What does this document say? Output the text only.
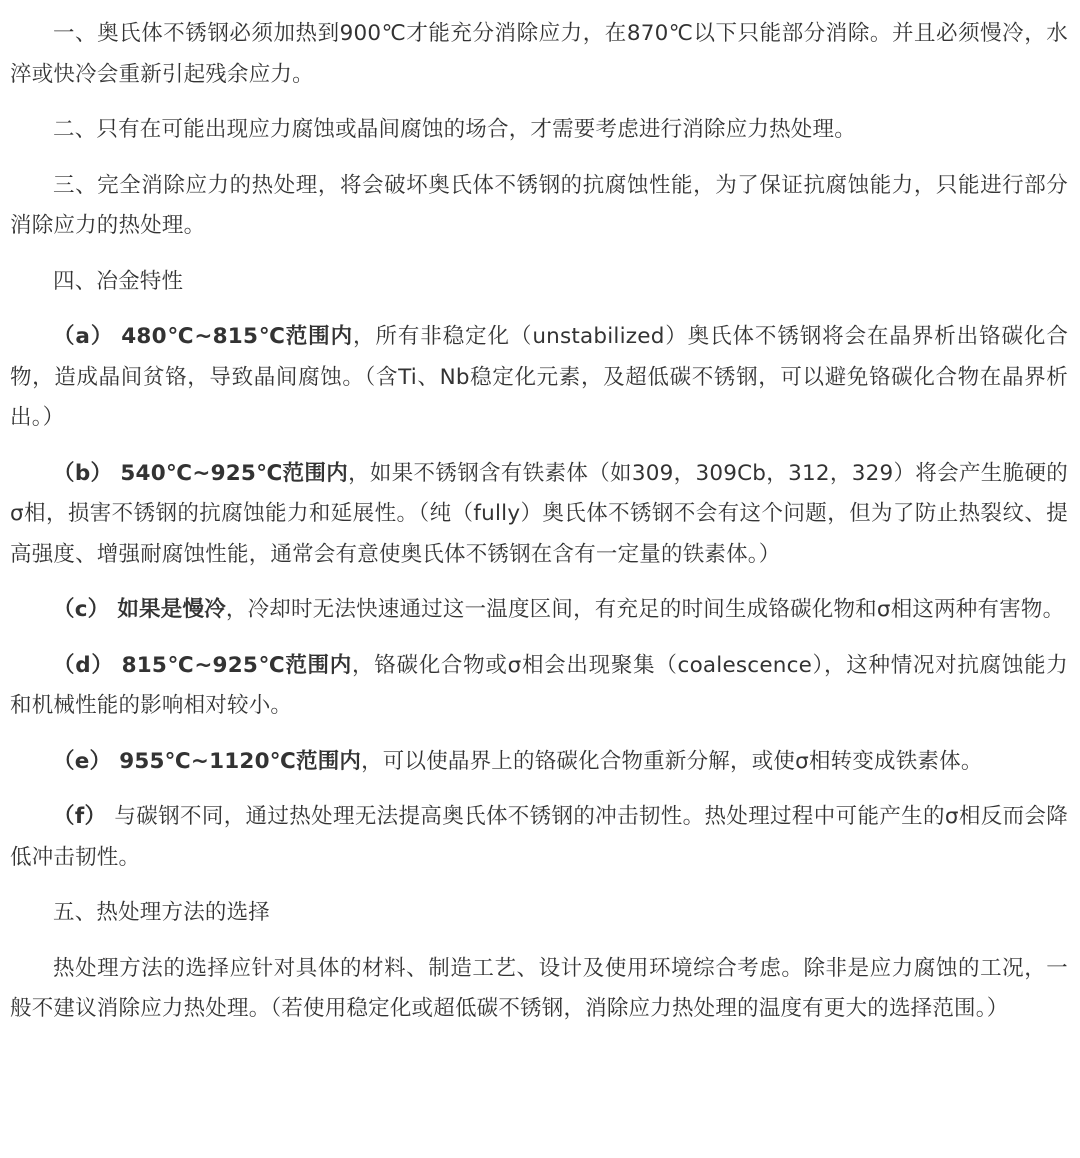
一、奥氏体不锈钢必须加热到900℃才能充分消除应力，在870℃以下只能部分消除。并且必须慢冷，水淬或快冷会重新引起残余应力。

二、只有在可能出现应力腐蚀或晶间腐蚀的场合，才需要考虑进行消除应力热处理。

三、完全消除应力的热处理，将会破坏奥氏体不锈钢的抗腐蚀性能，为了保证抗腐蚀能力，只能进行部分消除应力的热处理。

四、冶金特性

（a） 480℃~815℃范围内，所有非稳定化（unstabilized）奥氏体不锈钢将会在晶界析出铬碳化合物，造成晶间贫铬，导致晶间腐蚀。（含Ti、Nb稳定化元素，及超低碳不锈钢，可以避免铬碳化合物在晶界析出。）

（b） 540℃~925℃范围内，如果不锈钢含有铁素体（如309，309Cb，312，329）将会产生脆硬的σ相，损害不锈钢的抗腐蚀能力和延展性。（纯（fully）奥氏体不锈钢不会有这个问题，但为了防止热裂纹、提高强度、增强耐腐蚀性能，通常会有意使奥氏体不锈钢在含有一定量的铁素体。）

（c） 如果是慢冷，冷却时无法快速通过这一温度区间，有充足的时间生成铬碳化物和σ相这两种有害物。

（d） 815℃~925℃范围内，铬碳化合物或σ相会出现聚集（coalescence），这种情况对抗腐蚀能力和机械性能的影响相对较小。

（e） 955℃~1120℃范围内，可以使晶界上的铬碳化合物重新分解，或使σ相转变成铁素体。

（f） 与碳钢不同，通过热处理无法提高奥氏体不锈钢的冲击韧性。热处理过程中可能产生的σ相反而会降低冲击韧性。

五、热处理方法的选择

热处理方法的选择应针对具体的材料、制造工艺、设计及使用环境综合考虑。除非是应力腐蚀的工况，一般不建议消除应力热处理。（若使用稳定化或超低碳不锈钢，消除应力热处理的温度有更大的选择范围。）
